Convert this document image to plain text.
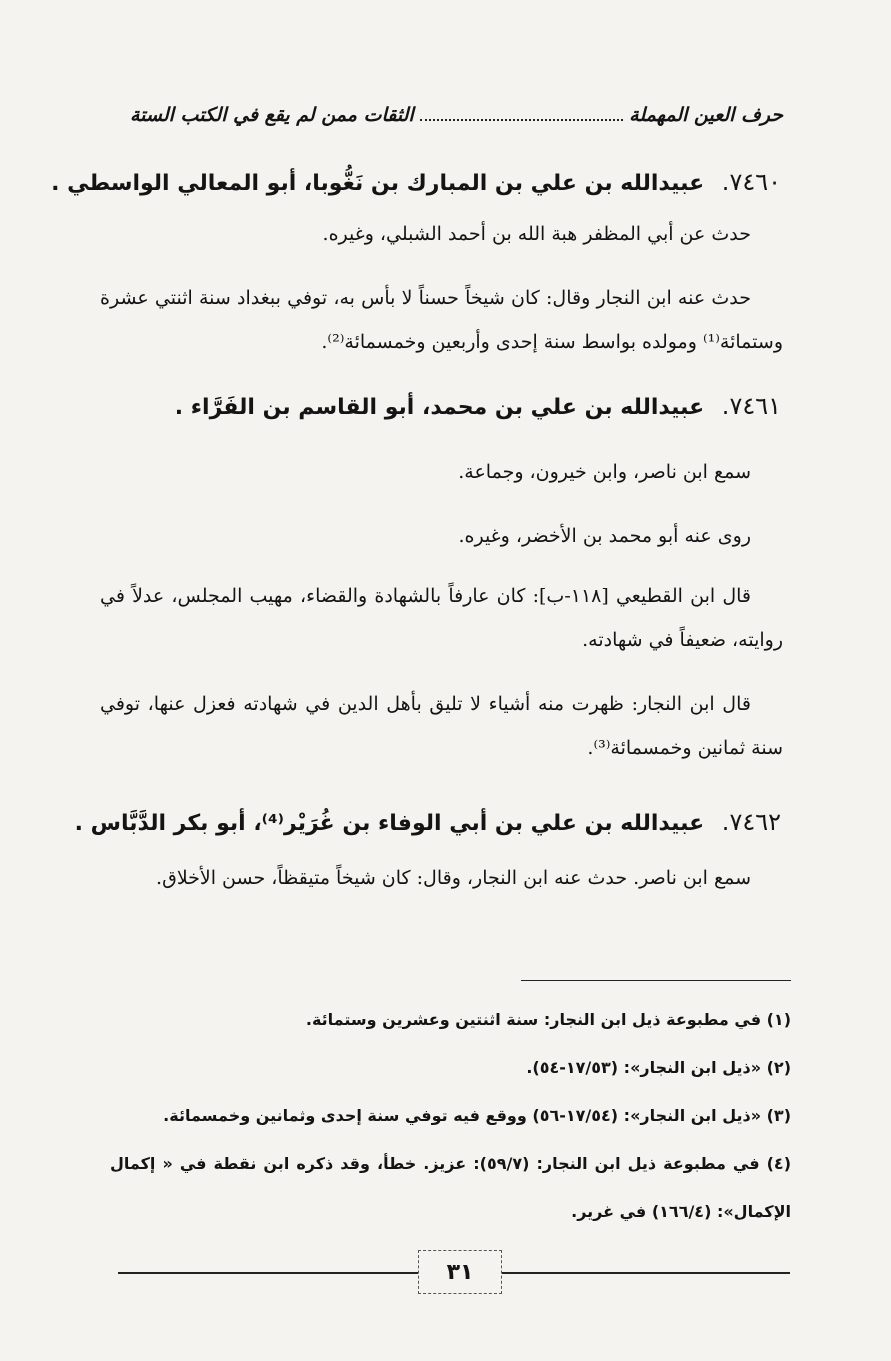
حرف العين المهملة
الثقات ممن لم يقع في الكتب الستة
٧٤٦٠. عبيدالله بن علي بن المبارك بن نَغُّوبا، أبو المعالي الواسطي .
حدث عن أبي المظفر هبة الله بن أحمد الشبلي، وغيره.
حدث عنه ابن النجار وقال: كان شيخاً حسناً لا بأس به، توفي ببغداد سنة اثنتي عشرة وستمائة⁽¹⁾ ومولده بواسط سنة إحدى وأربعين وخمسمائة⁽²⁾.
٧٤٦١. عبيدالله بن علي بن محمد، أبو القاسم بن الفَرَّاء .
سمع ابن ناصر، وابن خيرون، وجماعة.
روى عنه أبو محمد بن الأخضر، وغيره.
قال ابن القطيعي [١١٨-ب]: كان عارفاً بالشهادة والقضاء، مهيب المجلس، عدلاً في روايته، ضعيفاً في شهادته.
قال ابن النجار: ظهرت منه أشياء لا تليق بأهل الدين في شهادته فعزل عنها، توفي سنة ثمانين وخمسمائة⁽³⁾.
٧٤٦٢. عبيدالله بن علي بن أبي الوفاء بن غُرَيْر⁽⁴⁾، أبو بكر الدَّبَّاس .
سمع ابن ناصر. حدث عنه ابن النجار، وقال: كان شيخاً متيقظاً، حسن الأخلاق.
(١) في مطبوعة ذيل ابن النجار: سنة اثنتين وعشرين وستمائة.
(٢) «ذيل ابن النجار»: (١٧/٥٣-٥٤).
(٣) «ذيل ابن النجار»: (١٧/٥٤-٥٦) ووقع فيه توفي سنة إحدى وثمانين وخمسمائة.
(٤) في مطبوعة ذيل ابن النجار: (٥٩/٧): عزيز. خطأ، وقد ذكره ابن نقطة في « إكمال الإكمال»: (١٦٦/٤) في غرير.
٣١
